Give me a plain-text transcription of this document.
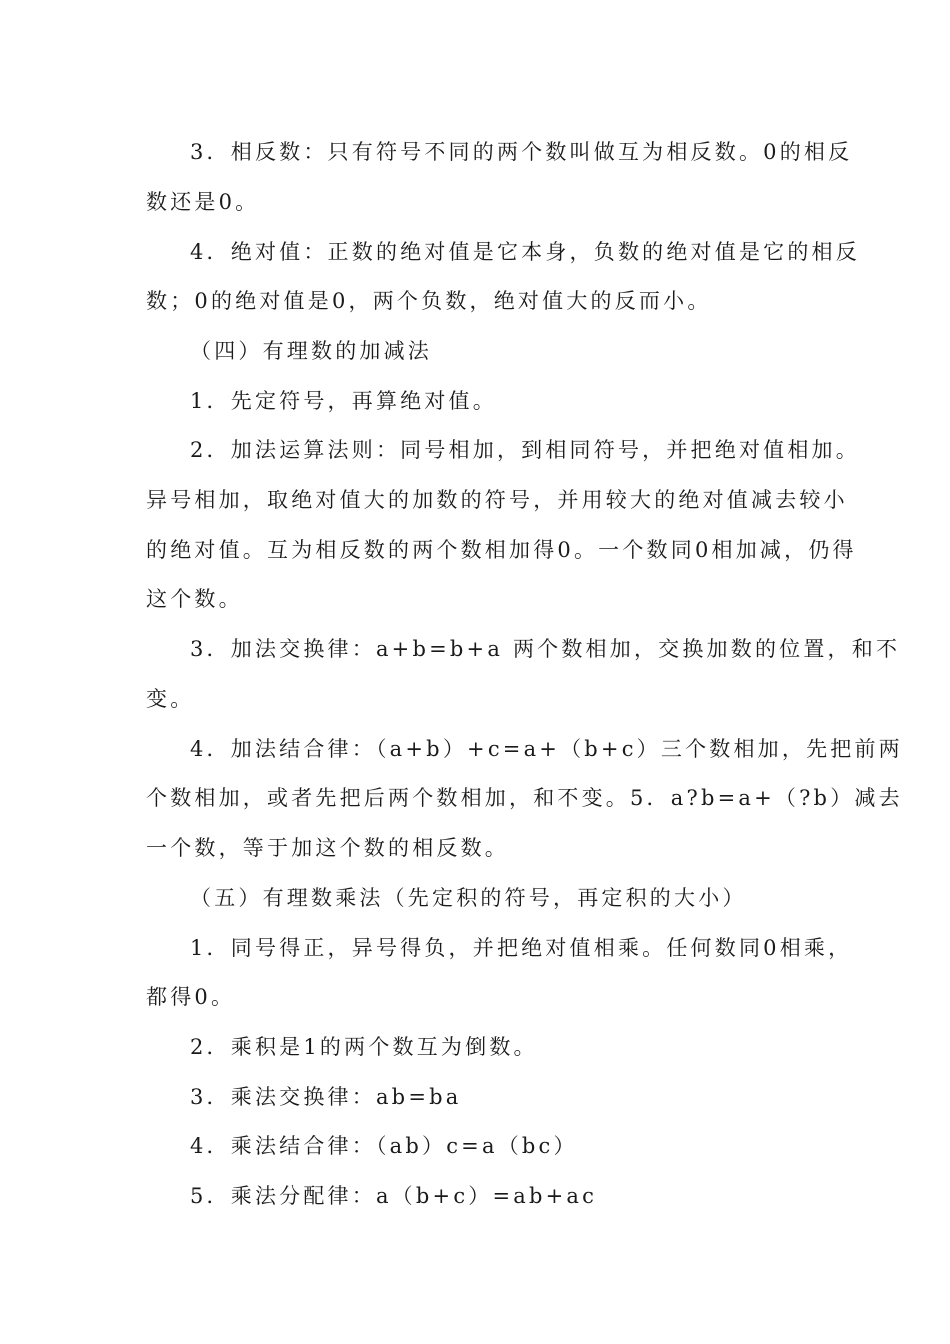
3．相反数：只有符号不同的两个数叫做互为相反数。0的相反
数还是0。
4．绝对值：正数的绝对值是它本身，负数的绝对值是它的相反
数；0的绝对值是0，两个负数，绝对值大的反而小。
（四）有理数的加减法
1．先定符号，再算绝对值。
2．加法运算法则：同号相加，到相同符号，并把绝对值相加。
异号相加，取绝对值大的加数的符号，并用较大的绝对值减去较小
的绝对值。互为相反数的两个数相加得0。一个数同0相加减，仍得
这个数。
3．加法交换律：a+b=b+a 两个数相加，交换加数的位置，和不
变。
4．加法结合律：（a+b）+c=a+（b+c）三个数相加，先把前两
个数相加，或者先把后两个数相加，和不变。5．a?b=a+（?b）减去
一个数，等于加这个数的相反数。
（五）有理数乘法（先定积的符号，再定积的大小）
1．同号得正，异号得负，并把绝对值相乘。任何数同0相乘，
都得0。
2．乘积是1的两个数互为倒数。
3．乘法交换律：ab=ba
4．乘法结合律：（ab）c=a（bc）
5．乘法分配律：a（b+c）=ab+ac
